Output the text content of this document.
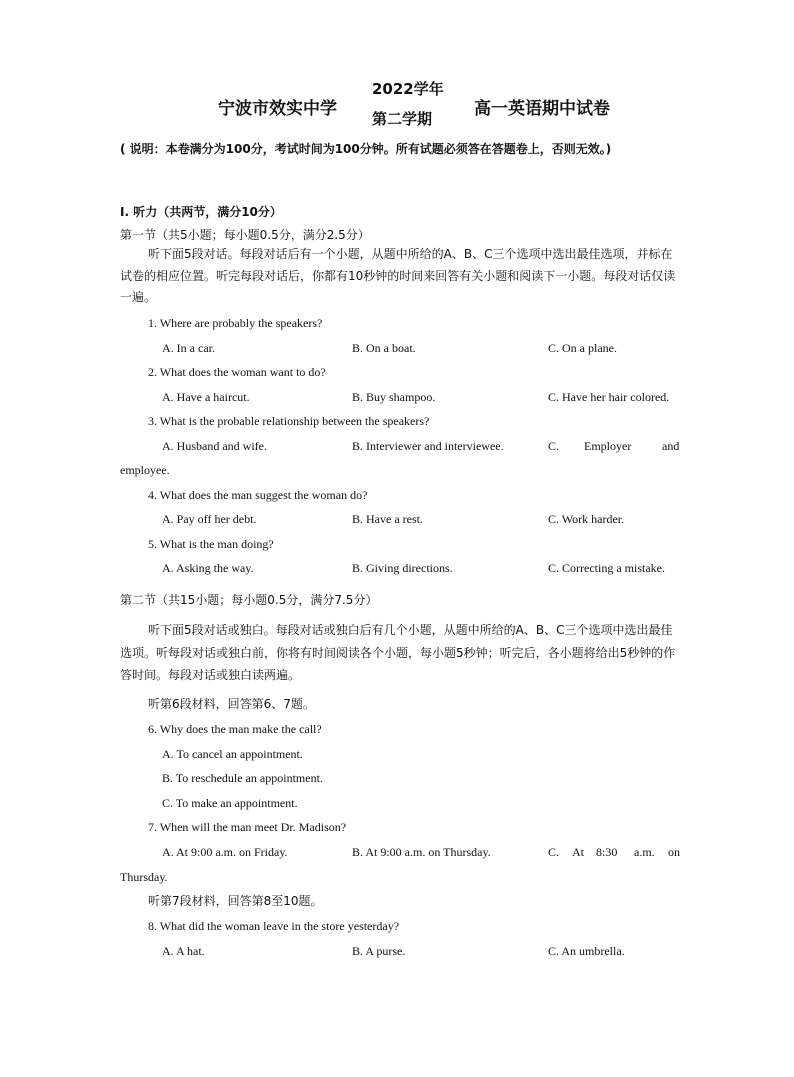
宁波市效实中学
2022学年
第二学期 高一英语期中试卷
( 说明：本卷满分为100分，考试时间为100分钟。所有试题必须答在答题卷上，否则无效。)
I. 听力（共两节，满分10分）
第一节（共5小题；每小题0.5分，满分2.5分）
听下面5段对话。每段对话后有一个小题，从题中所给的A、B、C三个选项中选出最佳选项，并标在试卷的相应位置。听完每段对话后，你都有10秒钟的时间来回答有关小题和阅读下一小题。每段对话仅读一遍。
1. Where are probably the speakers?
A. In a car.	B. On a boat.	C. On a plane.
2. What does the woman want to do?
A. Have a haircut.	B. Buy shampoo.	C. Have her hair colored.
3. What is the probable relationship between the speakers?
A. Husband and wife.	B. Interviewer and interviewee.	C. Employer	and
employee.
4. What does the man suggest the woman do?
A. Pay off her debt.	B. Have a rest.	C. Work harder.
5. What is the man doing?
A. Asking the way.	B. Giving directions.	C. Correcting a mistake.
第二节（共15小题；每小题0.5分，满分7.5分）
听下面5段对话或独白。每段对话或独白后有几个小题，从题中所给的A、B、C三个选项中选出最佳选项。听每段对话或独白前，你将有时间阅读各个小题，每小题5秒钟；听完后，各小题将给出5秒钟的作答时间。每段对话或独白读两遍。
听第6段材料，回答第6、7题。
6. Why does the man make the call?
A. To cancel an appointment.
B. To reschedule an appointment.
C. To make an appointment.
7. When will the man meet Dr. Madison?
A. At 9:00 a.m. on Friday.	B. At 9:00 a.m. on Thursday.	C. At 8:30 a.m. on
Thursday.
听第7段材料，回答第8至10题。
8. What did the woman leave in the store yesterday?
A. A hat.	B. A purse.	C. An umbrella.
